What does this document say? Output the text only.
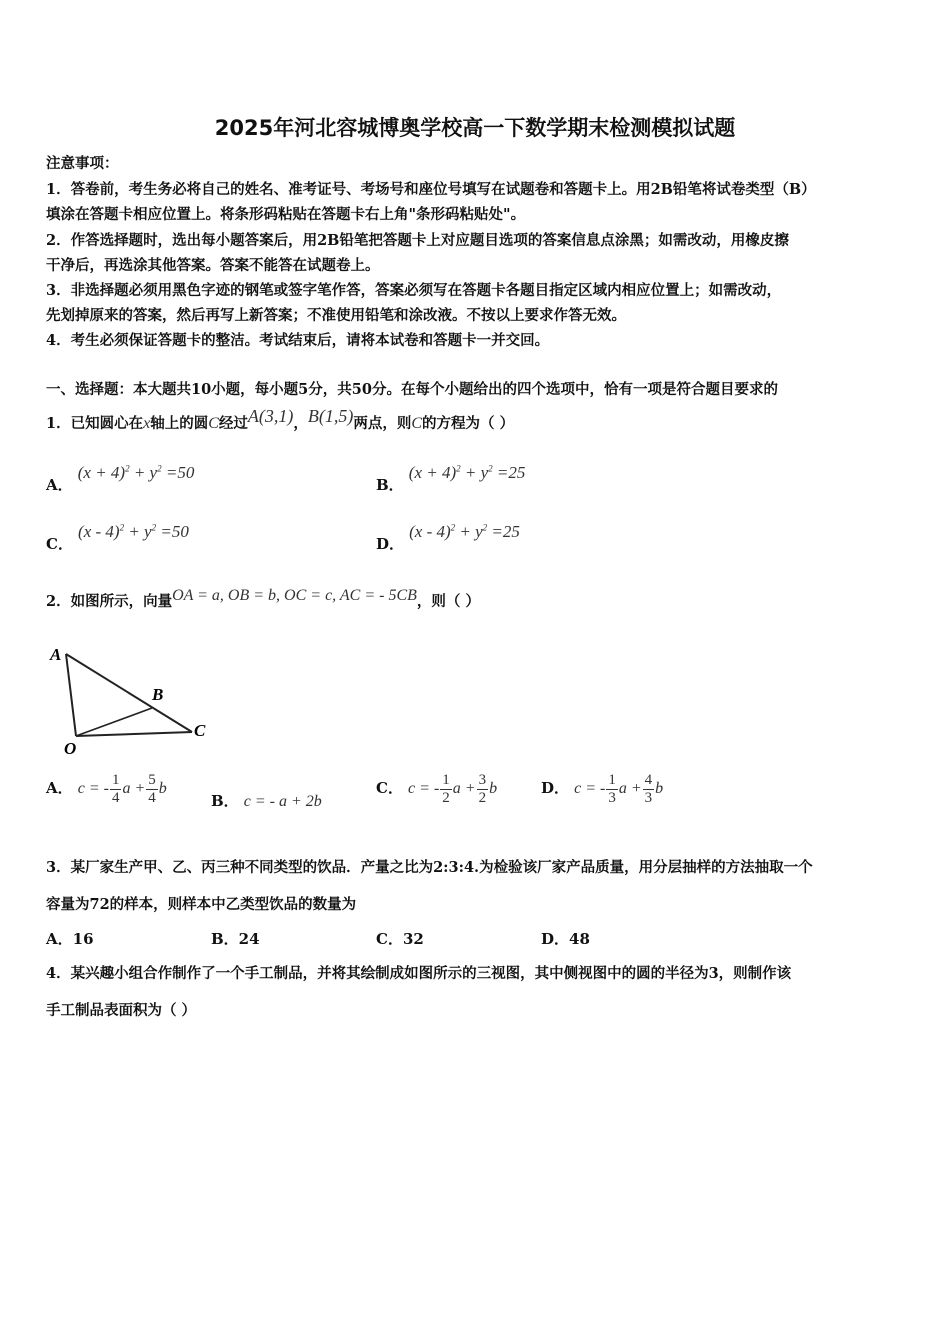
2025年河北容城博奥学校高一下数学期末检测模拟试题
注意事项：
1．答卷前，考生务必将自己的姓名、准考证号、考场号和座位号填写在试题卷和答题卡上。用2B铅笔将试卷类型（B）
填涂在答题卡相应位置上。将条形码粘贴在答题卡右上角"条形码粘贴处"。
2．作答选择题时，选出每小题答案后，用2B铅笔把答题卡上对应题目选项的答案信息点涂黑；如需改动，用橡皮擦
干净后，再选涂其他答案。答案不能答在试题卷上。
3．非选择题必须用黑色字迹的钢笔或签字笔作答，答案必须写在答题卡各题目指定区域内相应位置上；如需改动，
先划掉原来的答案，然后再写上新答案；不准使用铅笔和涂改液。不按以上要求作答无效。
4．考生必须保证答题卡的整洁。考试结束后，请将本试卷和答题卡一并交回。
一、选择题：本大题共10小题，每小题5分，共50分。在每个小题给出的四个选项中，恰有一项是符合题目要求的
1．已知圆心在x轴上的圆C经过A(3,1)，B(1,5)两点，则C的方程为（ ）
A． $(x + 4)^2 + y^2 =50$
B． $(x + 4)^2 + y^2 =25$
C． $(x - 4)^2 + y^2 =50$
D． $(x - 4)^2 + y^2 =25$
2．如图所示，向量OA = a, OB = b, OC = c, AC = - 5CB，则（ ）
A
B
C
O
A． c = - $\frac{1}{4}$ $a + \frac{5}{4}$ b
B． c = - a + 2b
C． c = - $\frac{1}{2}$ $a + \frac{3}{2}$ b	D． c = - $\frac{1}{3}$ $a + \frac{4}{3}$ b
3．某厂家生产甲、乙、丙三种不同类型的饮品．产量之比为2:3:4.为检验该厂家产品质量，用分层抽样的方法抽取一个
容量为72的样本，则样本中乙类型饮品的数量为
A．16	B．24	C．32	D．48
4．某兴趣小组合作制作了一个手工制品，并将其绘制成如图所示的三视图，其中侧视图中的圆的半径为3，则制作该
手工制品表面积为（ ）
